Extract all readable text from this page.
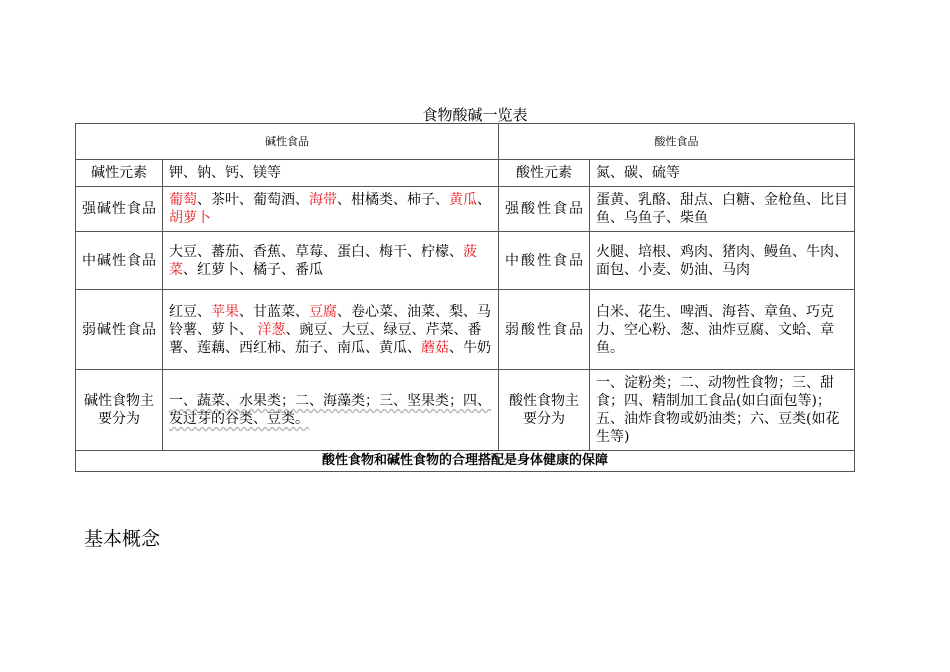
食物酸碱一览表
碱性食品		酸性食品	
碱性元素	钾、钠、钙、镁等	酸性元素	氮、碳、硫等
强碱性食品	葡萄、茶叶、葡萄酒、海带、柑橘类、柿子、黄瓜、胡萝卜	强酸性食品	蛋黄、乳酪、甜点、白糖、金枪鱼、比目鱼、乌鱼子、柴鱼
中碱性食品	大豆、蕃茄、香蕉、草莓、蛋白、梅干、柠檬、菠菜、红萝卜、橘子、番瓜	中酸性食品	火腿、培根、鸡肉、猪肉、鳗鱼、牛肉、面包、小麦、奶油、马肉
弱碱性食品	红豆、苹果、甘蓝菜、豆腐、卷心菜、油菜、梨、马铃薯、萝卜、 洋葱、豌豆、大豆、绿豆、芹菜、番薯、莲藕、西红柿、茄子、南瓜、黄瓜、蘑菇、牛奶	弱酸性食品	白米、花生、啤酒、海苔、章鱼、巧克力、空心粉、葱、油炸豆腐、文蛤、章鱼。
碱性食物主要分为	一、蔬菜、水果类；二、海藻类；三、坚果类；四、发过芽的谷类、豆类。	酸性食物主要分为	一、淀粉类；二、动物性食物；三、甜食；四、精制加工食品(如白面包等)；五、油炸食物或奶油类；六、豆类(如花生等)
酸性食物和碱性食物的合理搭配是身体健康的保障			
基本概念
